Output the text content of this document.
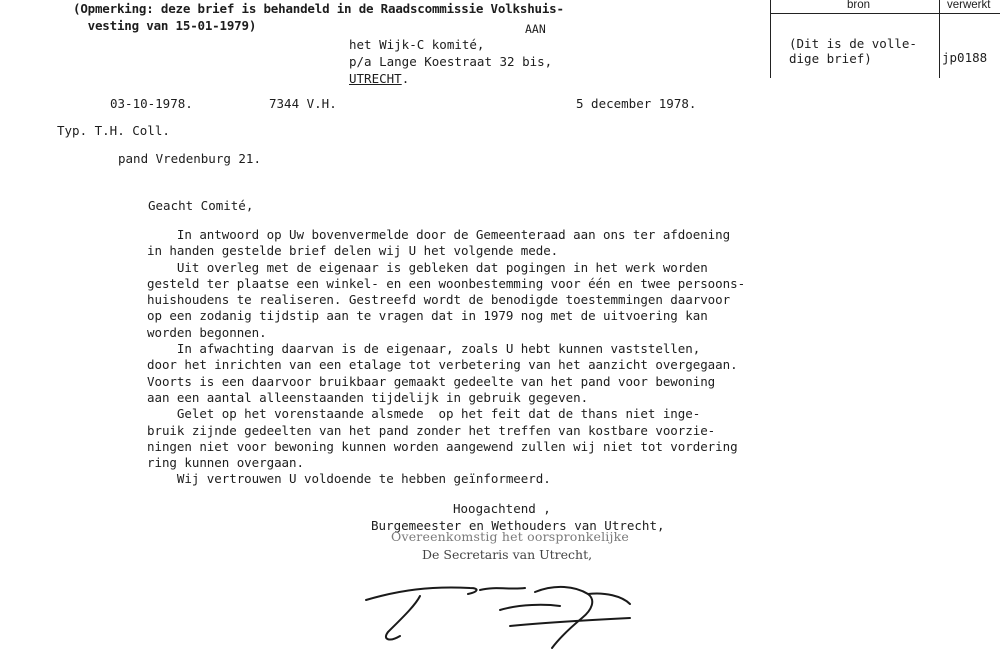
(Opmerking: deze brief is behandeld in de Raadscommissie Volkshuis-
vesting van 15-01-1979)	AAN
het Wijk-C komité,
p/a Lange Koestraat 32 bis,
UTRECHT.
bron	verwerkt
(Dit is de volle-
dige brief)	jp0188
03-10-1978.	7344 V.H.	5 december 1978.
Typ. T.H. Coll.
pand Vredenburg 21.
Geacht Comité,
In antwoord op Uw bovenvermelde door de Gemeenteraad aan ons ter afdoening
in handen gestelde brief delen wij U het volgende mede.
Uit overleg met de eigenaar is gebleken dat pogingen in het werk worden
gesteld ter plaatse een winkel- en een woonbestemming voor één en twee persoons-
huishoudens te realiseren. Gestreefd wordt de benodigde toestemmingen daarvoor
op een zodanig tijdstip aan te vragen dat in 1979 nog met de uitvoering kan
worden begonnen.
In afwachting daarvan is de eigenaar, zoals U hebt kunnen vaststellen,
door het inrichten van een etalage tot verbetering van het aanzicht overgegaan.
Voorts is een daarvoor bruikbaar gemaakt gedeelte van het pand voor bewoning
aan een aantal alleenstaanden tijdelijk in gebruik gegeven.
Gelet op het vorenstaande alsmede  op het feit dat de thans niet inge-
bruik zijnde gedeelten van het pand zonder het treffen van kostbare voorzie-
ningen niet voor bewoning kunnen worden aangewend zullen wij niet tot vordering
ring kunnen overgaan.
Wij vertrouwen U voldoende te hebben geïnformeerd.
Hoogachtend ,
Burgemeester en Wethouders van Utrecht,
Overeenkomstig het oorspronkelijke
De Secretaris van Utrecht,
